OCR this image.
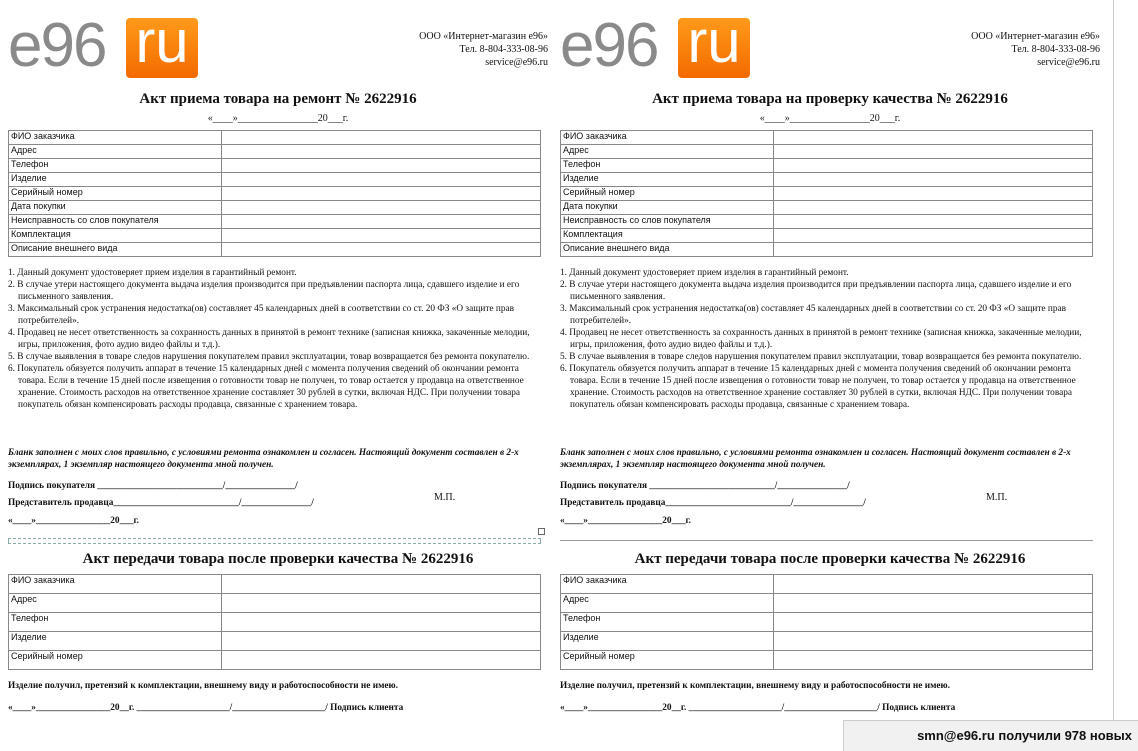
e96 ru	ООО «Интернет-магазин е96»
Тел. 8-804-333-08-96
service@e96.ru
Акт приема товара на ремонт № 2622916
«____»________________20___г.
ФИО заказчика	
Адрес	
Телефон	
Изделие	
Серийный номер	
Дата покупки	
Неисправность со слов покупателя	
Комплектация	
Описание внешнего вида	
1. Данный документ удостоверяет прием изделия в гарантийный ремонт.
2. В случае утери настоящего документа выдача изделия производится при предъявлении паспорта лица, сдавшего изделие и его письменного заявления.
3. Максимальный срок устранения недостатка(ов) составляет 45 календарных дней в соответствии со ст. 20 ФЗ «О защите прав потребителей».
4. Продавец не несет ответственность за сохранность данных в принятой в ремонт технике (записная книжка, закаченные мелодии, игры, приложения, фото аудио видео файлы и т.д.).
5. В случае выявления в товаре следов нарушения покупателем правил эксплуатации, товар возвращается без ремонта покупателю.
6. Покупатель обязуется получить аппарат в течение 15 календарных дней с момента получения сведений об окончании ремонта товара. Если в течение 15 дней после извещения о готовности товар не получен, то товар остается у продавца на ответственное хранение. Стоимость расходов на ответственное хранение составляет 30 рублей в сутки, включая НДС. При получении товара покупатель обязан компенсировать расходы продавца, связанные с хранением товара.
Бланк заполнен с моих слов правильно, с условиями ремонта ознакомлен и согласен. Настоящий документ составлен в 2-х экземплярах, 1 экземпляр настоящего документа мной получен.
Подпись покупателя ___________________________/_______________/
Представитель продавца___________________________/_______________/
«____»________________20___г.
М.П.
Акт передачи товара после проверки качества № 2622916
ФИО заказчика	
Адрес	
Телефон	
Изделие	
Серийный номер	
Изделие получил, претензий к комплектации, внешнему виду и работоспособности не имею.
«____»________________20__г. ____________________/____________________/ Подпись клиента
e96 ru	ООО «Интернет-магазин е96»
Тел. 8-804-333-08-96
service@e96.ru
Акт приема товара на проверку качества № 2622916
«____»________________20___г.
ФИО заказчика	
Адрес	
Телефон	
Изделие	
Серийный номер	
Дата покупки	
Неисправность со слов покупателя	
Комплектация	
Описание внешнего вида	
1. Данный документ удостоверяет прием изделия в гарантийный ремонт.
2. В случае утери настоящего документа выдача изделия производится при предъявлении паспорта лица, сдавшего изделие и его письменного заявления.
3. Максимальный срок устранения недостатка(ов) составляет 45 календарных дней в соответствии со ст. 20 ФЗ «О защите прав потребителей».
4. Продавец не несет ответственность за сохранность данных в принятой в ремонт технике (записная книжка, закаченные мелодии, игры, приложения, фото аудио видео файлы и т.д.).
5. В случае выявления в товаре следов нарушения покупателем правил эксплуатации, товар возвращается без ремонта покупателю.
6. Покупатель обязуется получить аппарат в течение 15 календарных дней с момента получения сведений об окончании ремонта товара. Если в течение 15 дней после извещения о готовности товар не получен, то товар остается у продавца на ответственное хранение. Стоимость расходов на ответственное хранение составляет 30 рублей в сутки, включая НДС. При получении товара покупатель обязан компенсировать расходы продавца, связанные с хранением товара.
Бланк заполнен с моих слов правильно, с условиями ремонта ознакомлен и согласен. Настоящий документ составлен в 2-х экземплярах, 1 экземпляр настоящего документа мной получен.
Подпись покупателя ___________________________/_______________/
Представитель продавца___________________________/_______________/
«____»________________20___г.
М.П.
Акт передачи товара после проверки качества № 2622916
ФИО заказчика	
Адрес	
Телефон	
Изделие	
Серийный номер	
Изделие получил, претензий к комплектации, внешнему виду и работоспособности не имею.
«____»________________20__г. ____________________/____________________/ Подпись клиента
smn@e96.ru получили 978 новых
